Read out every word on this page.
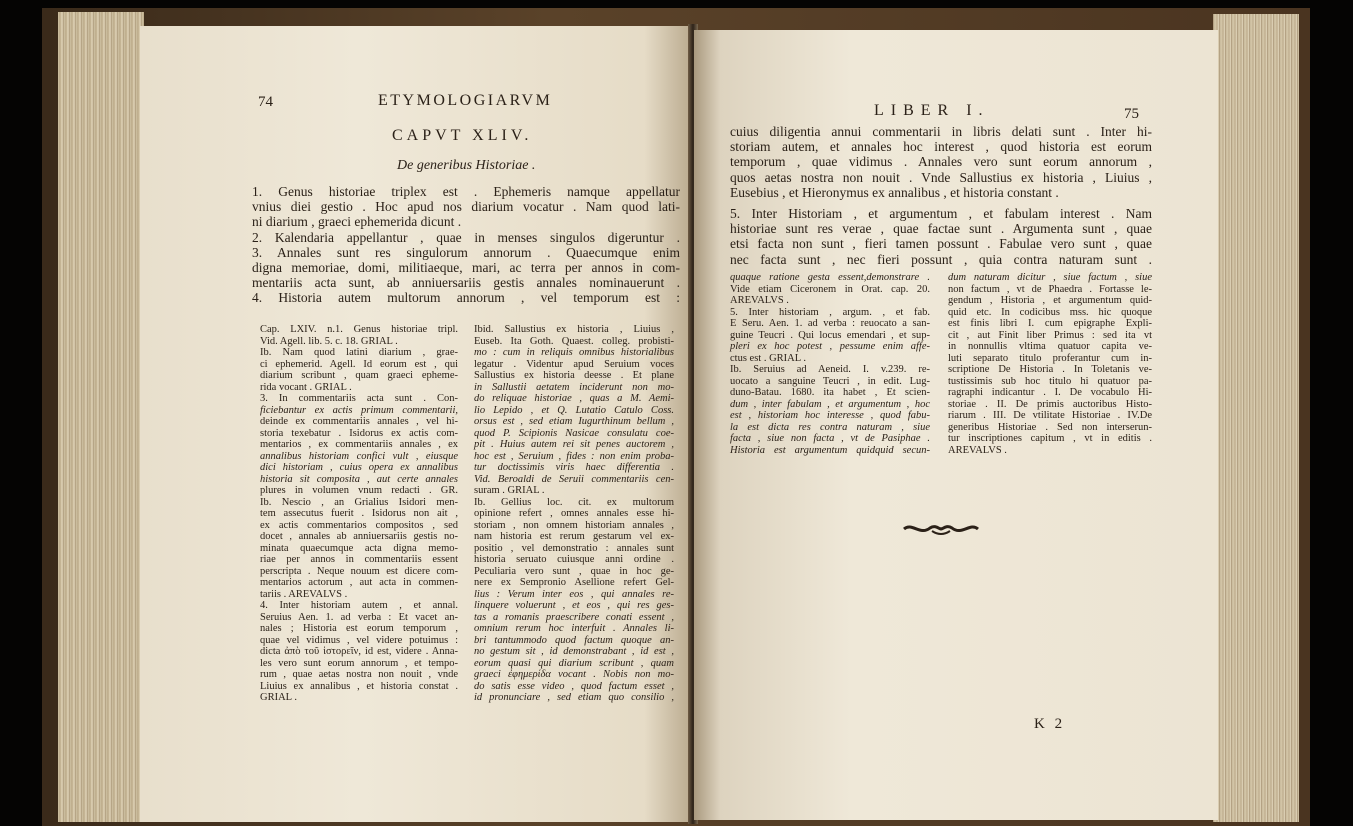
74	ETYMOLOGIARVM
CAPVT XLIV.
De generibus Historiae .
1. Genus historiae triplex est . Ephemeris namque appellatur
vnius diei gestio . Hoc apud nos diarium vocatur . Nam quod lati-
ni diarium , graeci ephemerida dicunt .
2. Kalendaria appellantur , quae in menses singulos digeruntur .
3. Annales sunt res singulorum annorum . Quaecumque enim
digna memoriae, domi, militiaeque, mari, ac terra per annos in com-
mentariis acta sunt, ab anniuersariis gestis annales nominauerunt .
4. Historia autem multorum annorum , vel temporum est :
Cap. LXIV. n.1. Genus historiae tripl.
Vid. Agell. lib. 5. c. 18. GRIAL .
Ib. Nam quod latini diarium , grae-
ci ephemerid. Agell. Id eorum est , qui
diarium scribunt , quam graeci epheme-
rida vocant . GRIAL .
3. In commentariis acta sunt . Con-
ficiebantur ex actis primum commentarii,
deinde ex commentariis annales , vel hi-
storia texebatur . Isidorus ex actis com-
mentarios , ex commentariis annales , ex
annalibus historiam confici vult , eiusque
dici historiam , cuius opera ex annalibus
historia sit composita , aut certe annales
plures in volumen vnum redacti . GR.
Ib. Nescio , an Grialius Isidori men-
tem assecutus fuerit . Isidorus non ait ,
ex actis commentarios compositos , sed
docet , annales ab anniuersariis gestis no-
minata quaecumque acta digna memo-
riae per annos in commentariis essent
perscripta . Neque nouum est dicere com-
mentarios actorum , aut acta in commen-
tariis . AREVALVS .
4. Inter historiam autem , et annal.
Seruius Aen. 1. ad verba : Et vacet an-
nales ; Historia est eorum temporum ,
quae vel vidimus , vel videre potuimus :
dicta ἀπὸ τοῦ ἱστορεῖν, id est, videre . Anna-
les vero sunt eorum annorum , et tempo-
rum , quae aetas nostra non nouit , vnde
Liuius ex annalibus , et historia constat .
GRIAL .
Ibid. Sallustius ex historia , Liuius ,
Euseb. Ita Goth. Quaest. colleg. probisti-
mo : cum in reliquis omnibus historialibus
legatur . Videntur apud Seruium voces
Sallustius ex historia deesse . Et plane
in Sallustii aetatem inciderunt non mo-
do reliquae historiae , quas a M. Aemi-
lio Lepido , et Q. Lutatio Catulo Coss.
orsus est , sed etiam Iugurthinum bellum ,
quod P. Scipionis Nasicae consulatu coe-
pit . Huius autem rei sit penes auctorem ,
hoc est , Seruium , fides : non enim proba-
tur doctissimis viris haec differentia .
Vid. Beroaldi de Seruii commentariis cen-
suram . GRIAL .
Ib. Gellius loc. cit. ex multorum
opinione refert , omnes annales esse hi-
storiam , non omnem historiam annales ,
nam historia est rerum gestarum vel ex-
positio , vel demonstratio : annales sunt
historia seruato cuiusque anni ordine .
Peculiaria vero sunt , quae in hoc ge-
nere ex Sempronio Asellione refert Gel-
lius : Verum inter eos , qui annales re-
linquere voluerunt , et eos , qui res ges-
tas a romanis praescribere conati essent ,
omnium rerum hoc interfuit . Annales li-
bri tantummodo quod factum quoque an-
no gestum sit , id demonstrabant , id est ,
eorum quasi qui diarium scribunt , quam
graeci ἐφημερίδα vocant . Nobis non mo-
do satis esse video , quod factum esset ,
id pronunciare , sed etiam quo consilio ,
LIBER I.	75
cuius diligentia annui commentarii in libris delati sunt . Inter hi-
storiam autem, et annales hoc interest , quod historia est eorum
temporum , quae vidimus . Annales vero sunt eorum annorum ,
quos aetas nostra non nouit . Vnde Sallustius ex historia , Liuius ,
Eusebius , et Hieronymus ex annalibus , et historia constant .
5. Inter Historiam , et argumentum , et fabulam interest . Nam
historiae sunt res verae , quae factae sunt . Argumenta sunt , quae
etsi facta non sunt , fieri tamen possunt . Fabulae vero sunt , quae
nec facta sunt , nec fieri possunt , quia contra naturam sunt .
quaque ratione gesta essent,demonstrare .
Vide etiam Ciceronem in Orat. cap. 20.
AREVALVS .
5. Inter historiam , argum. , et fab.
E Seru. Aen. 1. ad verba : reuocato a san-
guine Teucri . Qui locus emendari , et sup-
pleri ex hoc potest , pessume enim affe-
ctus est . GRIAL .
Ib. Seruius ad Aeneid. I. v.239. re-
uocato a sanguine Teucri , in edit. Lug-
duno-Batau. 1680. ita habet , Et scien-
dum , inter fabulam , et argumentum , hoc
est , historiam hoc interesse , quod fabu-
la est dicta res contra naturam , siue
facta , siue non facta , vt de Pasiphae .
Historia est argumentum quidquid secun-
dum naturam dicitur , siue factum , siue
non factum , vt de Phaedra . Fortasse le-
gendum , Historia , et argumentum quid-
quid etc. In codicibus mss. hic quoque
est finis libri I. cum epigraphe Expli-
cit , aut Finit liber Primus : sed ita vt
in nonnullis vltima quatuor capita ve-
luti separato titulo proferantur cum in-
scriptione De Historia . In Toletanis ve-
tustissimis sub hoc titulo hi quatuor pa-
ragraphi indicantur . I. De vocabulo Hi-
storiae . II. De primis auctoribus Histo-
riarum . III. De vtilitate Historiae . IV.De
generibus Historiae . Sed non interserun-
tur inscriptiones capitum , vt in editis .
AREVALVS .
K 2
